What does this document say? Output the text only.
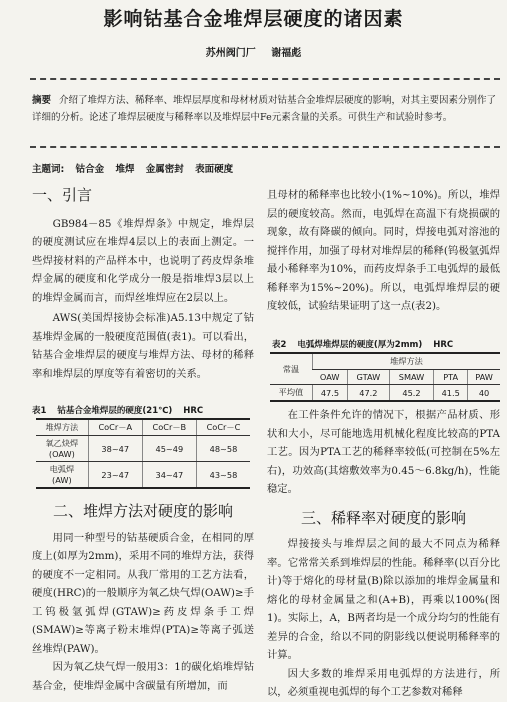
影响钴基合金堆焊层硬度的诸因素
苏州阀门厂 谢福彪

摘要 介绍了堆焊方法、稀释率、堆焊层厚度和母材材质对钴基合金堆焊层硬度的影响，对其主要因素分别作了详细的分析。论述了堆焊层硬度与稀释率以及堆焊层中Fe元素含量的关系。可供生产和试验时参考。

主题词: 钴合金 堆焊 金属密封 表面硬度
一、引言

GB984－85《堆焊焊条》中规定，堆焊层的硬度测试应在堆焊4层以上的表面上测定。一些焊接材料的产品样本中，也说明了药皮焊条堆焊金属的硬度和化学成分一般是指堆焊3层以上的堆焊金属而言，而焊丝堆焊应在2层以上。

AWS(美国焊接协会标准)A5.13中规定了钴基堆焊金属的一般硬度范围值(表1)。可以看出，钴基合金堆焊层的硬度与堆焊方法、母材的稀释率和堆焊层的厚度等有着密切的关系。

表1 钴基合金堆焊层的硬度(21℃) HRC
堆焊方法	CoCr－A	CoCr－B	CoCr－C
氧乙炔焊
(OAW)	38~47	45~49	48~58
电弧焊
(AW)	23~47	34~47	43~58
二、堆焊方法对硬度的影响

用同一种型号的钴基硬质合金，在相同的厚度上(如厚为2mm)，采用不同的堆焊方法，获得的硬度不一定相同。从我厂常用的工艺方法看，硬度(HRC)的一般顺序为氧乙炔气焊(OAW)≥手工钨极氩弧焊(GTAW)≥药皮焊条手工焊(SMAW)≥等离子粉末堆焊(PTA)≥等离子弧送丝堆焊(PAW)。

因为氧乙炔气焊一般用3：1的碳化焰堆焊钴基合金，使堆焊金属中含碳量有所增加，而

且母材的稀释率也比较小(1%~10%)。所以，堆焊层的硬度较高。然而，电弧焊在高温下有烧损碳的现象，故有降碳的倾向。同时，焊接电弧对溶池的搅拌作用，加强了母材对堆焊层的稀释(钨极氩弧焊最小稀释率为10%，而药皮焊条手工电弧焊的最低稀释率为15%~20%)。所以，电弧焊堆焊层的硬度较低，试验结果证明了这一点(表2)。

表2 电弧焊堆焊层的硬度(厚为2mm) HRC
常温	堆焊方法				
	OAW	GTAW	SMAW	PTA	PAW
平均值	47.5	47.2	45.2	41.5	40

在工件条件允许的情况下，根据产品材质、形状和大小，尽可能地选用机械化程度比较高的PTA工艺。因为PTA工艺的稀释率较低(可控制在5%左右)，功效高(其熔敷效率为0.45～6.8kg/h)，性能稳定。

三、稀释率对硬度的影响

焊接接头与堆焊层之间的最大不同点为稀释率。它常常关系到堆焊层的性能。稀释率(以百分比计)等于熔化的母材量(B)除以添加的堆焊金属量和熔化的母材金属量之和(A+B)，再乘以100%(图1)。实际上，A，B两者均是一个成分均匀的性能有差异的合金，给以不同的阴影线以便说明稀释率的计算。

因大多数的堆焊采用电弧焊的方法进行，所以，必须重视电弧焊的每个工艺参数对稀释
